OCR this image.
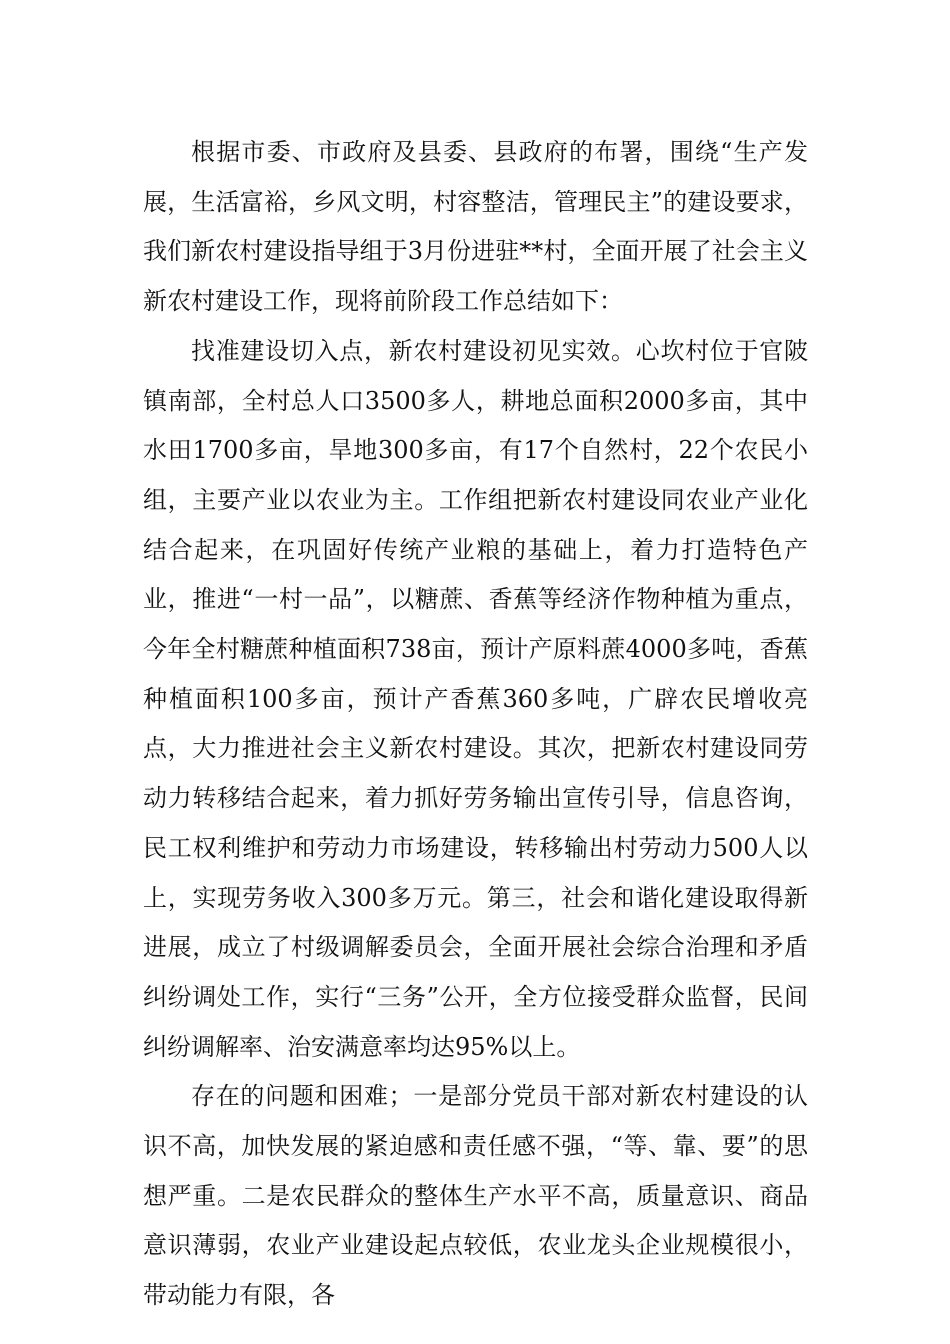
根据市委、市政府及县委、县政府的布署，围绕“生产发展，生活富裕，乡风文明，村容整洁，管理民主”的建设要求，我们新农村建设指导组于3月份进驻**村，全面开展了社会主义新农村建设工作，现将前阶段工作总结如下：

找准建设切入点，新农村建设初见实效。心坎村位于官陂镇南部，全村总人口3500多人，耕地总面积2000多亩，其中水田1700多亩，旱地300多亩，有17个自然村，22个农民小组，主要产业以农业为主。工作组把新农村建设同农业产业化结合起来，在巩固好传统产业粮的基础上，着力打造特色产业，推进“一村一品”，以糖蔗、香蕉等经济作物种植为重点，今年全村糖蔗种植面积738亩，预计产原料蔗4000多吨，香蕉种植面积100多亩，预计产香蕉360多吨，广辟农民增收亮点，大力推进社会主义新农村建设。其次，把新农村建设同劳动力转移结合起来，着力抓好劳务输出宣传引导，信息咨询，民工权利维护和劳动力市场建设，转移输出村劳动力500人以上，实现劳务收入300多万元。第三，社会和谐化建设取得新进展，成立了村级调解委员会，全面开展社会综合治理和矛盾纠纷调处工作，实行“三务”公开，全方位接受群众监督，民间纠纷调解率、治安满意率均达95%以上。

存在的问题和困难；一是部分党员干部对新农村建设的认识不高，加快发展的紧迫感和责任感不强，“等、靠、要”的思想严重。二是农民群众的整体生产水平不高，质量意识、商品意识薄弱，农业产业建设起点较低，农业龙头企业规模很小，带动能力有限，各
